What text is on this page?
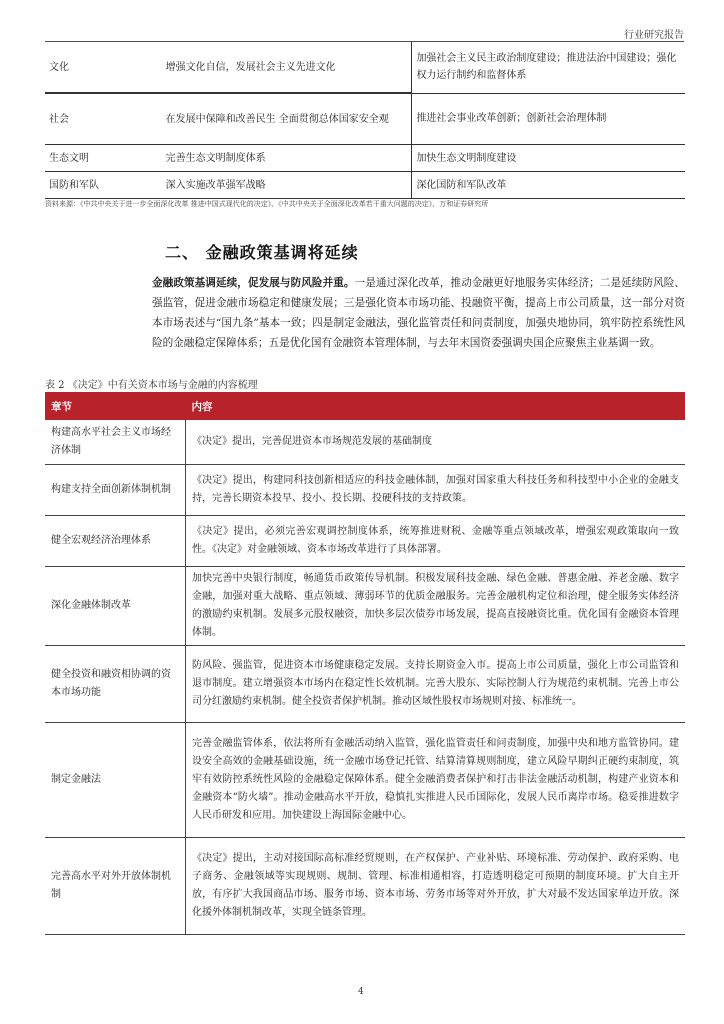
行业研究报告
文化	增强文化自信，发展社会主义先进文化	加强社会主义民主政治制度建设；推进法治中国建设；强化权力运行制约和监督体系
社会	在发展中保障和改善民生 全面贯彻总体国家安全观	推进社会事业改革创新；创新社会治理体制
生态文明	完善生态文明制度体系	加快生态文明制度建设
国防和军队	深入实施改革强军战略	深化国防和军队改革
资料来源：《中共中央关于进一步全面深化改革 推进中国式现代化的决定》、《中共中央关于全面深化改革若干重大问题的决定》、万和证券研究所
二、 金融政策基调将延续
金融政策基调延续，促发展与防风险并重。一是通过深化改革，推动金融更好地服务实体经济；二是延续防风险、强监管，促进金融市场稳定和健康发展；三是强化资本市场功能、投融资平衡，提高上市公司质量，这一部分对资本市场表述与“国九条”基本一致；四是制定金融法，强化监管责任和问责制度，加强央地协同，筑牢防控系统性风险的金融稳定保障体系；五是优化国有金融资本管理体制，与去年末国资委强调央国企应聚焦主业基调一致。
表 2 《决定》中有关资本市场与金融的内容梳理
章节	内容
构建高水平社会主义市场经济体制	《决定》提出，完善促进资本市场规范发展的基础制度
构建支持全面创新体制机制	《决定》提出，构建同科技创新相适应的科技金融体制，加强对国家重大科技任务和科技型中小企业的金融支持，完善长期资本投早、投小、投长期、投硬科技的支持政策。
健全宏观经济治理体系	《决定》提出，必须完善宏观调控制度体系，统筹推进财税、金融等重点领域改革，增强宏观政策取向一致性。《决定》对金融领域、资本市场改革进行了具体部署。
深化金融体制改革	加快完善中央银行制度，畅通货币政策传导机制。积极发展科技金融、绿色金融、普惠金融、养老金融、数字金融，加强对重大战略、重点领域、薄弱环节的优质金融服务。完善金融机构定位和治理，健全服务实体经济的激励约束机制。发展多元股权融资，加快多层次债券市场发展，提高直接融资比重。优化国有金融资本管理体制。
健全投资和融资相协调的资本市场功能	防风险、强监管，促进资本市场健康稳定发展。支持长期资金入市。提高上市公司质量，强化上市公司监管和退市制度。建立增强资本市场内在稳定性长效机制。完善大股东、实际控制人行为规范约束机制。完善上市公司分红激励约束机制。健全投资者保护机制。推动区域性股权市场规则对接、标准统一。
制定金融法	完善金融监管体系，依法将所有金融活动纳入监管，强化监管责任和问责制度，加强中央和地方监管协同。建设安全高效的金融基础设施，统一金融市场登记托管、结算清算规则制度，建立风险早期纠正硬约束制度，筑牢有效防控系统性风险的金融稳定保障体系。健全金融消费者保护和打击非法金融活动机制，构建产业资本和金融资本“防火墙”。推动金融高水平开放，稳慎扎实推进人民币国际化，发展人民币离岸市场。稳妥推进数字人民币研发和应用。加快建设上海国际金融中心。
完善高水平对外开放体制机制	《决定》提出，主动对接国际高标准经贸规则，在产权保护、产业补贴、环境标准、劳动保护、政府采购、电子商务、金融领域等实现规则、规制、管理、标准相通相容，打造透明稳定可预期的制度环境。扩大自主开放，有序扩大我国商品市场、服务市场、资本市场、劳务市场等对外开放，扩大对最不发达国家单边开放。深化援外体制机制改革，实现全链条管理。
4
